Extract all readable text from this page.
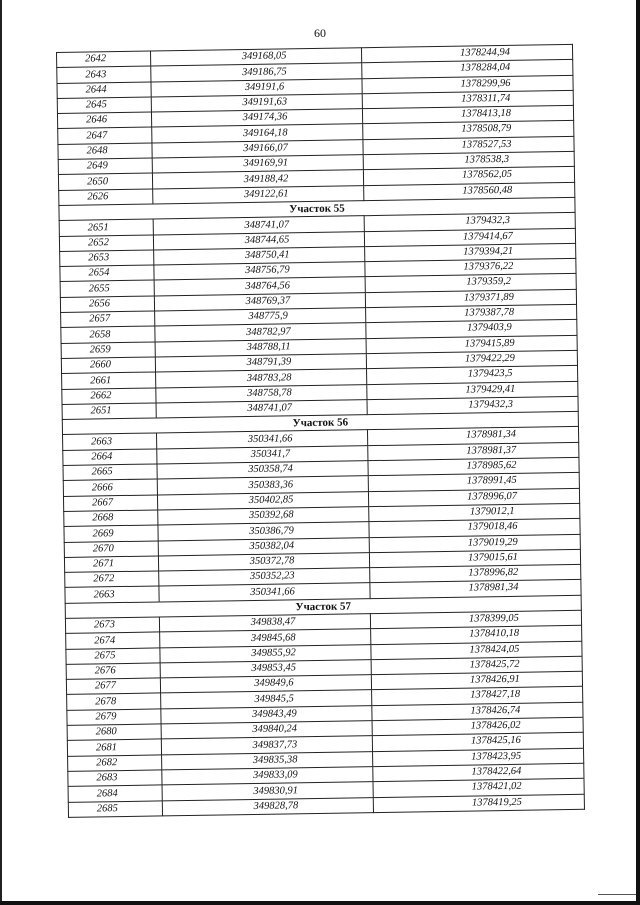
60
2642	349168,05	1378244,94
2643	349186,75	1378284,04
2644	349191,6	1378299,96
2645	349191,63	1378311,74
2646	349174,36	1378413,18
2647	349164,18	1378508,79
2648	349166,07	1378527,53
2649	349169,91	1378538,3
2650	349188,42	1378562,05
2626	349122,61	1378560,48
Участок 55		
2651	348741,07	1379432,3
2652	348744,65	1379414,67
2653	348750,41	1379394,21
2654	348756,79	1379376,22
2655	348764,56	1379359,2
2656	348769,37	1379371,89
2657	348775,9	1379387,78
2658	348782,97	1379403,9
2659	348788,11	1379415,89
2660	348791,39	1379422,29
2661	348783,28	1379423,5
2662	348758,78	1379429,41
2651	348741,07	1379432,3
Участок 56		
2663	350341,66	1378981,34
2664	350341,7	1378981,37
2665	350358,74	1378985,62
2666	350383,36	1378991,45
2667	350402,85	1378996,07
2668	350392,68	1379012,1
2669	350386,79	1379018,46
2670	350382,04	1379019,29
2671	350372,78	1379015,61
2672	350352,23	1378996,82
2663	350341,66	1378981,34
Участок 57		
2673	349838,47	1378399,05
2674	349845,68	1378410,18
2675	349855,92	1378424,05
2676	349853,45	1378425,72
2677	349849,6	1378426,91
2678	349845,5	1378427,18
2679	349843,49	1378426,74
2680	349840,24	1378426,02
2681	349837,73	1378425,16
2682	349835,38	1378423,95
2683	349833,09	1378422,64
2684	349830,91	1378421,02
2685	349828,78	1378419,25
